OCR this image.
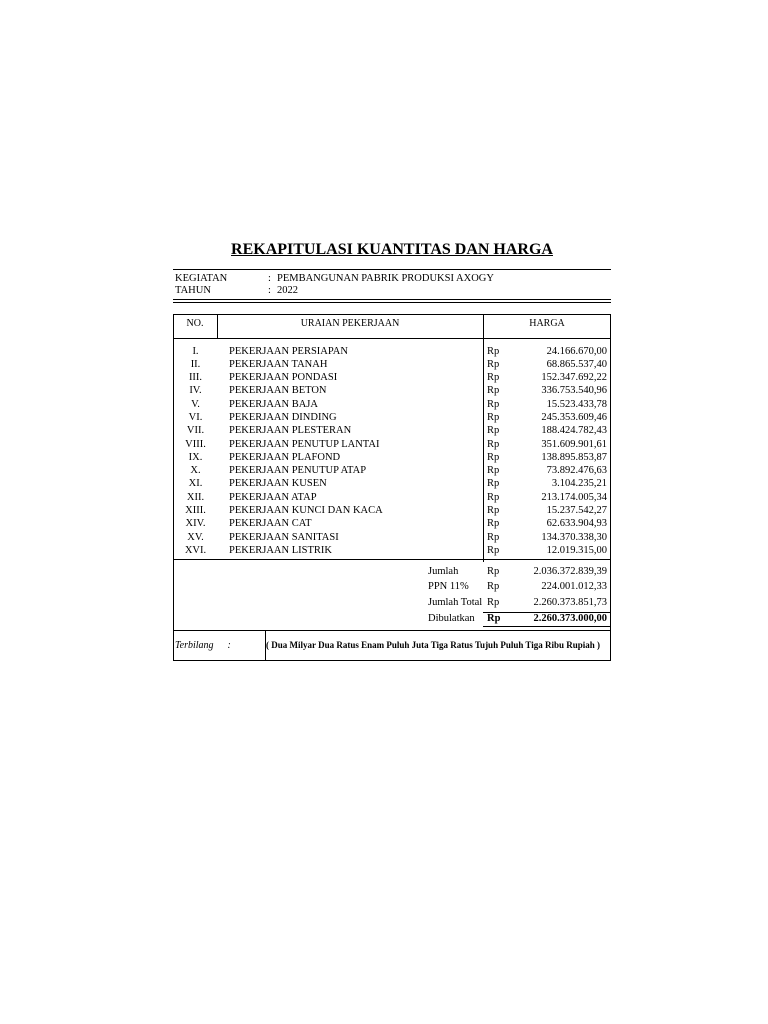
REKAPITULASI KUANTITAS DAN HARGA
KEGIATAN	: PEMBANGUNAN PABRIK PRODUKSI AXOGY
TAHUN	: 2022
NO.	URAIAN PEKERJAAN	HARGA
I.	PEKERJAAN PERSIAPAN	Rp	24.166.670,00
II.	PEKERJAAN TANAH	Rp	68.865.537,40
III.	PEKERJAAN PONDASI	Rp	152.347.692,22
IV.	PEKERJAAN BETON	Rp	336.753.540,96
V.	PEKERJAAN BAJA	Rp	15.523.433,78
VI.	PEKERJAAN DINDING	Rp	245.353.609,46
VII.	PEKERJAAN PLESTERAN	Rp	188.424.782,43
VIII.	PEKERJAAN PENUTUP LANTAI	Rp	351.609.901,61
IX.	PEKERJAAN PLAFOND	Rp	138.895.853,87
X.	PEKERJAAN PENUTUP ATAP	Rp	73.892.476,63
XI.	PEKERJAAN KUSEN	Rp	3.104.235,21
XII.	PEKERJAAN ATAP	Rp	213.174.005,34
XIII.	PEKERJAAN KUNCI DAN KACA	Rp	15.237.542,27
XIV.	PEKERJAAN CAT	Rp	62.633.904,93
XV.	PEKERJAAN SANITASI	Rp	134.370.338,30
XVI.	PEKERJAAN LISTRIK	Rp	12.019.315,00
Jumlah	Rp	2.036.372.839,39
PPN 11% Rp	224.001.012,33
Jumlah Total Rp	2.260.373.851,73
Dibulatkan Rp	2.260.373.000,00
Terbilang :	( Dua Milyar Dua Ratus Enam Puluh Juta Tiga Ratus Tujuh Puluh Tiga Ribu Rupiah )
